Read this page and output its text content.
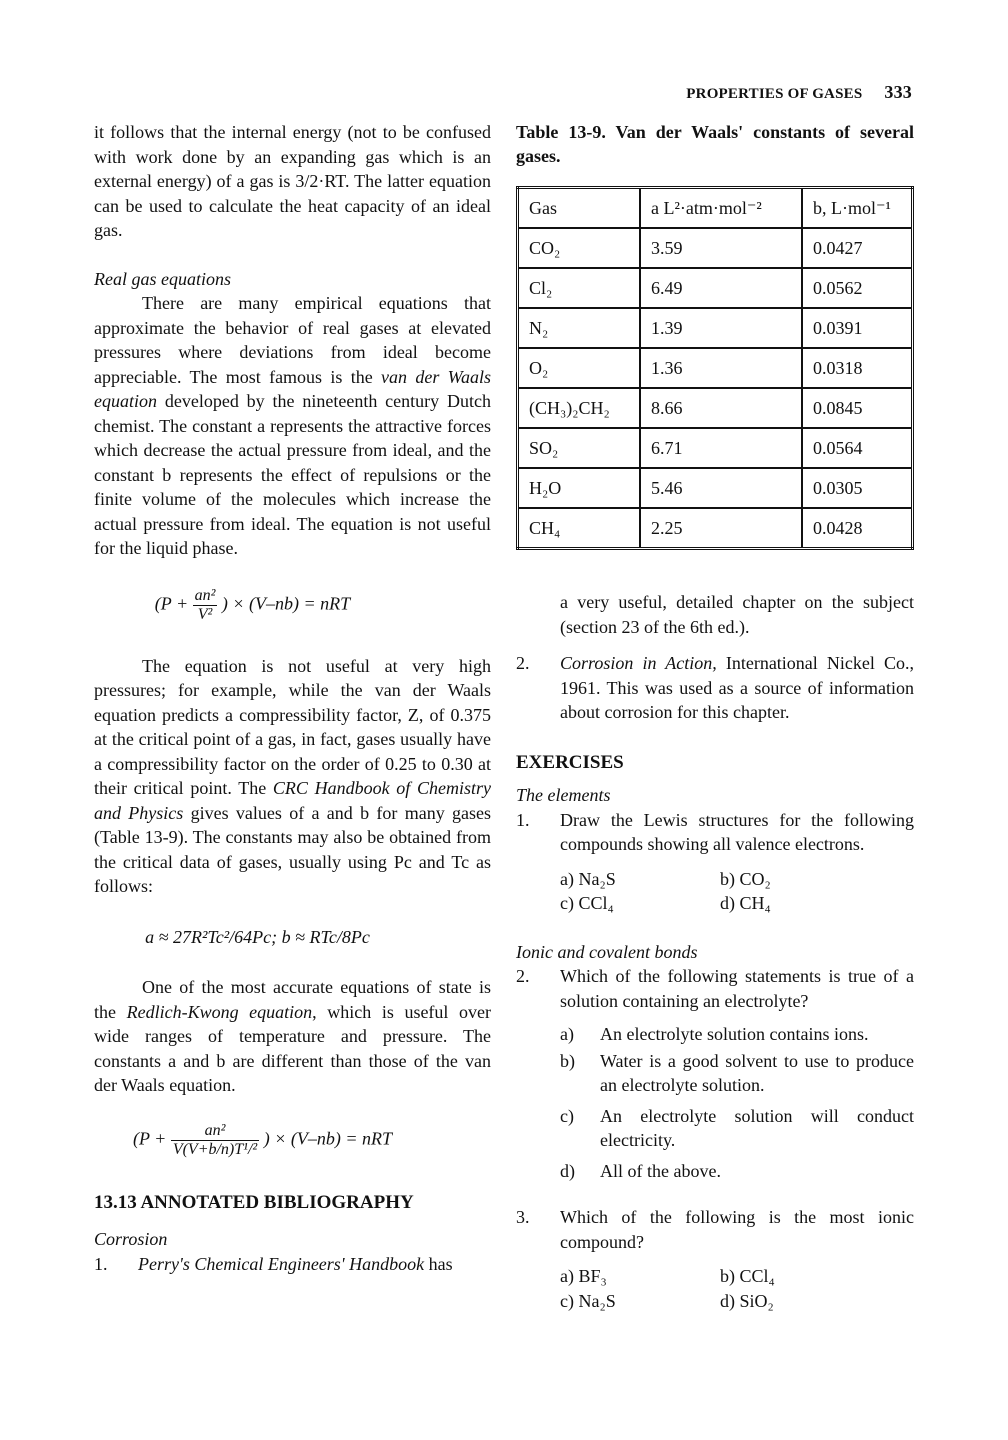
PROPERTIES OF GASES 333

it follows that the internal energy (not to be confused with work done by an expanding gas which is an external energy) of a gas is 3/2·RT. The latter equation can be used to calculate the heat capacity of an ideal gas.

Real gas equations

There are many empirical equations that approximate the behavior of real gases at elevated pressures where deviations from ideal become appreciable. The most famous is the van der Waals equation developed by the nineteenth century Dutch chemist. The constant a represents the attractive forces which decrease the actual pressure from ideal, and the constant b represents the effect of repulsions or the finite volume of the molecules which increase the actual pressure from ideal. The equation is not useful for the liquid phase.

($P + \frac{\text{an²}}{\text{V²}}$ ) × (V–nb) = nRT

The equation is not useful at very high pressures; for example, while the van der Waals equation predicts a compressibility factor, Z, of 0.375 at the critical point of a gas, in fact, gases usually have a compressibility factor on the order of 0.25 to 0.30 at their critical point. The CRC Handbook of Chemistry and Physics gives values of a and b for many gases (Table 13-9). The constants may also be obtained from the critical data of gases, usually using Pc and Tc as follows:

a ≈ 27R²Tc²/64Pc; b ≈ RTc/8Pc

One of the most accurate equations of state is the Redlich-Kwong equation, which is useful over wide ranges of temperature and pressure. The constants a and b are different than those of the van der Waals equation.

($P + \frac{\text{an²}}{\text{V(V+b/n)T¹/²}}$ ) × (V–nb) = nRT
13.13 ANNOTATED BIBLIOGRAPHY

Corrosion

1.	Perry's Chemical Engineers' Handbook has

Table 13-9. Van der Waals' constants of several gases.

Gas	a L²·atm·mol⁻²	b, L·mol⁻¹
CO₂	3.59	0.0427
Cl₂	6.49	0.0562
N₂	1.39	0.0391
O₂	1.36	0.0318
(CH₃)₂CH₂	8.66	0.0845
SO₂	6.71	0.0564
H₂O	5.46	0.0305
CH₄	2.25	0.0428

a very useful, detailed chapter on the subject (section 23 of the 6th ed.).

2.	Corrosion in Action, International Nickel Co., 1961. This was used as a source of information about corrosion for this chapter.
EXERCISES

The elements

1.	Draw the Lewis structures for the following compounds showing all valence electrons.
a) Na₂S	b) CO₂
c) CCl₄	d) CH₄

Ionic and covalent bonds

2.	Which of the following statements is true of a solution containing an electrolyte?
a)	An electrolyte solution contains ions.
b)	Water is a good solvent to use to produce an electrolyte solution.
c)	An electrolyte solution will conduct electricity.
d)	All of the above.
3.	Which of the following is the most ionic compound?
a) BF₃	b) CCl₄
c) Na₂S	d) SiO₂
